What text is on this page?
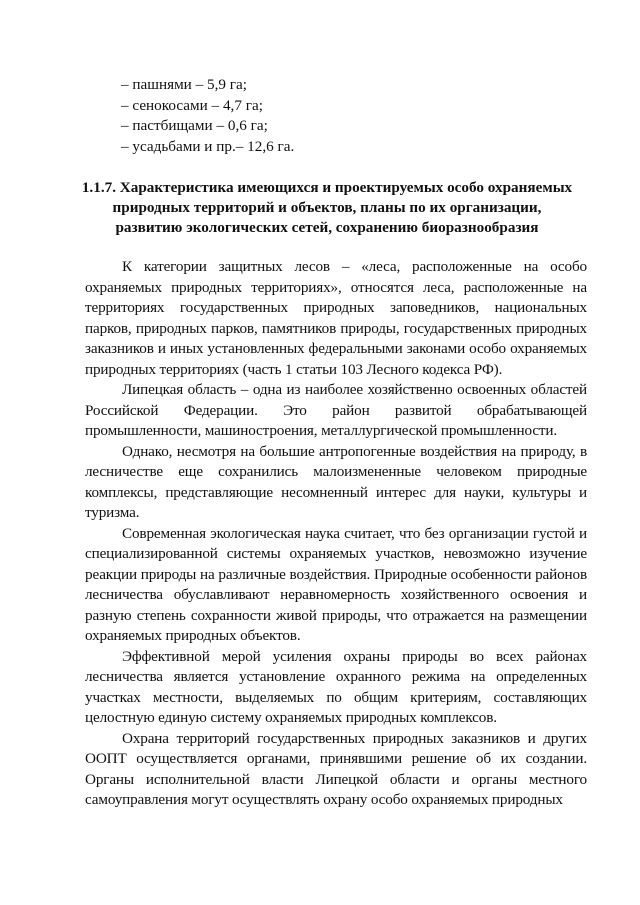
– пашнями – 5,9 га;
– сенокосами – 4,7 га;
– пастбищами – 0,6 га;
– усадьбами и пр.– 12,6 га.
1.1.7. Характеристика имеющихся и проектируемых особо охраняемых природных территорий и объектов, планы по их организации, развитию экологических сетей, сохранению биоразнообразия

К категории защитных лесов – «леса, расположенные на особо охраняемых природных территориях», относятся леса, расположенные на территориях государственных природных заповедников, национальных парков, природных парков, памятников природы, государственных природных заказников и иных установленных федеральными законами особо охраняемых природных территориях (часть 1 статьи 103 Лесного кодекса РФ).

Липецкая область – одна из наиболее хозяйственно освоенных областей Российской Федерации. Это район развитой обрабатывающей промышленности, машиностроения, металлургической промышленности.

Однако, несмотря на большие антропогенные воздействия на природу, в лесничестве еще сохранились малоизмененные человеком природные комплексы, представляющие несомненный интерес для науки, культуры и туризма.

Современная экологическая наука считает, что без организации густой и специализированной системы охраняемых участков, невозможно изучение реакции природы на различные воздействия. Природные особенности районов лесничества обуславливают неравномерность хозяйственного освоения и разную степень сохранности живой природы, что отражается на размещении охраняемых природных объектов.

Эффективной мерой усиления охраны природы во всех районах лесничества является установление охранного режима на определенных участках местности, выделяемых по общим критериям, составляющих целостную единую систему охраняемых природных комплексов.

Охрана территорий государственных природных заказников и других ООПТ осуществляется органами, принявшими решение об их создании. Органы исполнительной власти Липецкой области и органы местного самоуправления могут осуществлять охрану особо охраняемых природных
